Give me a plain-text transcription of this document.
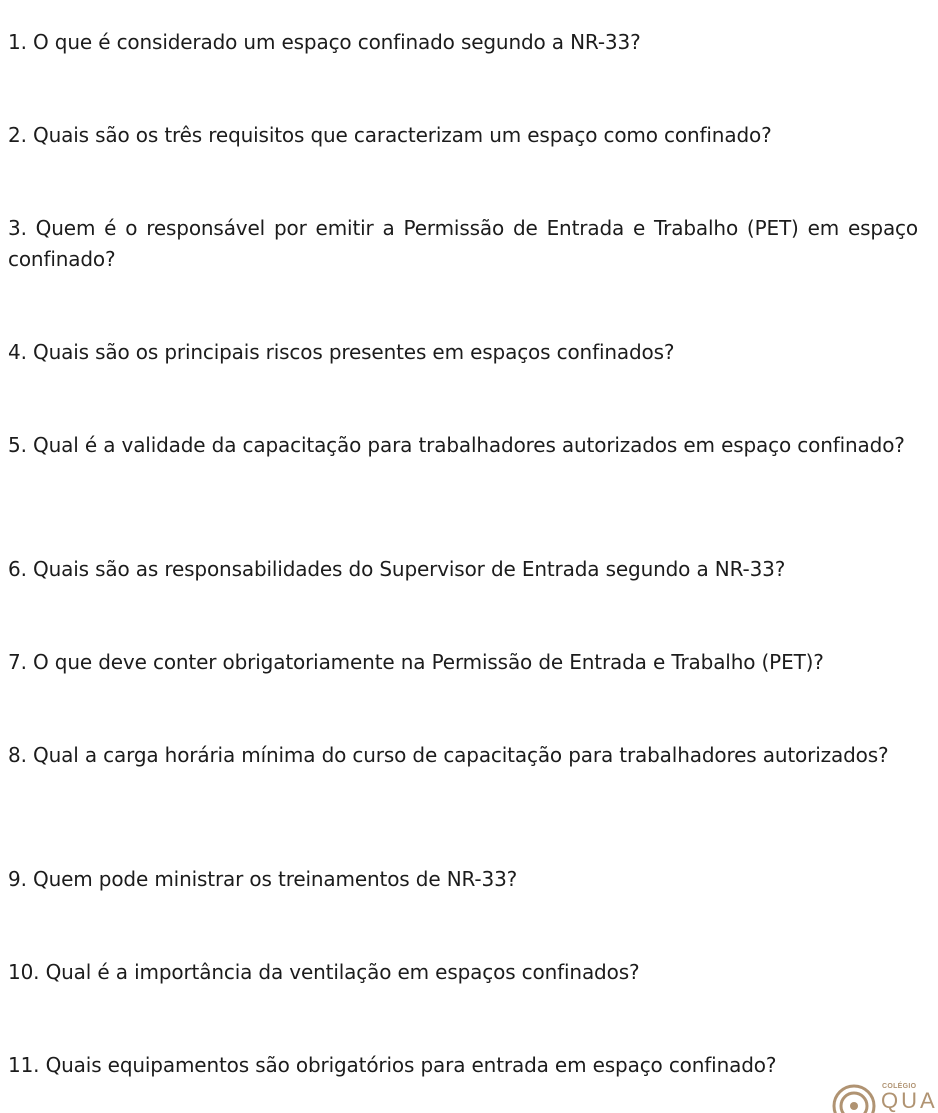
1. O que é considerado um espaço confinado segundo a NR-33?

2. Quais são os três requisitos que caracterizam um espaço como confinado?

3. Quem é o responsável por emitir a Permissão de Entrada e Trabalho (PET) em espaço confinado?

4. Quais são os principais riscos presentes em espaços confinados?

5. Qual é a validade da capacitação para trabalhadores autorizados em espaço confinado?

6. Quais são as responsabilidades do Supervisor de Entrada segundo a NR-33?

7. O que deve conter obrigatoriamente na Permissão de Entrada e Trabalho (PET)?

8. Qual a carga horária mínima do curso de capacitação para trabalhadores autorizados?

9. Quem pode ministrar os treinamentos de NR-33?

10. Qual é a importância da ventilação em espaços confinados?

11. Quais equipamentos são obrigatórios para entrada em espaço confinado?

COLÉGIO
QUA
